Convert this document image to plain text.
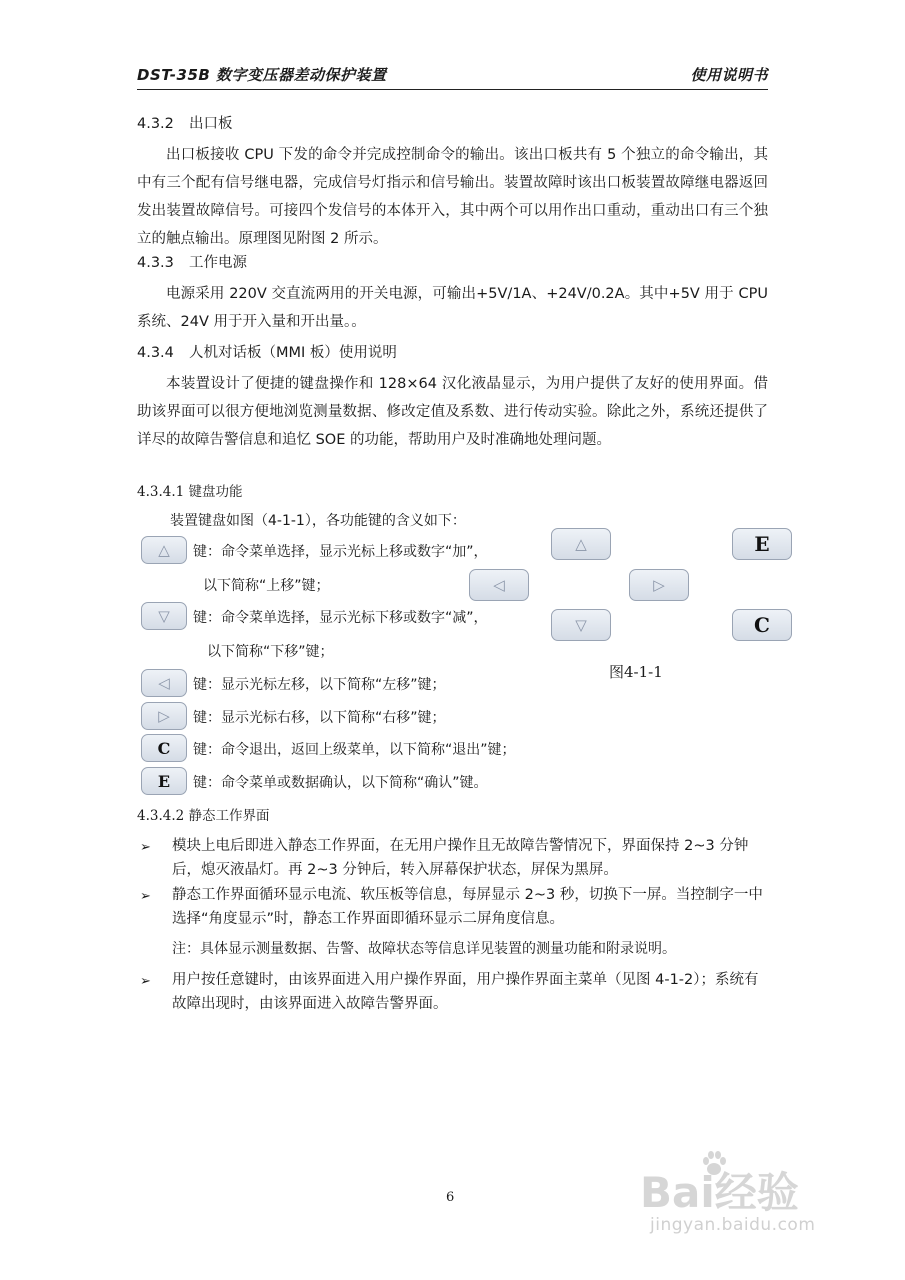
DST-35B 数字变压器差动保护装置	使用说明书
4.3.2 出口板
出口板接收 CPU 下发的命令并完成控制命令的输出。该出口板共有 5 个独立的命令输出，其中有三个配有信号继电器，完成信号灯指示和信号输出。装置故障时该出口板装置故障继电器返回发出装置故障信号。可接四个发信号的本体开入，其中两个可以用作出口重动，重动出口有三个独立的触点输出。原理图见附图 2 所示。
4.3.3 工作电源
电源采用 220V 交直流两用的开关电源，可输出+5V/1A、+24V/0.2A。其中+5V 用于 CPU 系统、24V 用于开入量和开出量。。
4.3.4 人机对话板（MMI 板）使用说明
本装置设计了便捷的键盘操作和 128×64 汉化液晶显示，为用户提供了友好的使用界面。借助该界面可以很方便地浏览测量数据、修改定值及系数、进行传动实验。除此之外，系统还提供了详尽的故障告警信息和追忆 SOE 的功能，帮助用户及时准确地处理问题。
4.3.4.1 键盘功能
装置键盘如图（4-1-1），各功能键的含义如下：
△ 键：命令菜单选择，显示光标上移或数字“加”，
以下简称“上移”键；
▽ 键：命令菜单选择，显示光标下移或数字“减”，
以下简称“下移”键；
◁ 键：显示光标左移，以下简称“左移”键；
▷ 键：显示光标右移，以下简称“右移”键；
C 键：命令退出，返回上级菜单，以下简称“退出”键；
E 键：命令菜单或数据确认，以下简称“确认”键。
△	E
◁	▷
▽	C
图4-1-1
4.3.4.2 静态工作界面
➢ 模块上电后即进入静态工作界面，在无用户操作且无故障告警情况下，界面保持 2~3 分钟后，熄灭液晶灯。再 2~3 分钟后，转入屏幕保护状态，屏保为黑屏。
➢ 静态工作界面循环显示电流、软压板等信息，每屏显示 2~3 秒，切换下一屏。当控制字一中选择“角度显示”时，静态工作界面即循环显示二屏角度信息。
注：具体显示测量数据、告警、故障状态等信息详见装置的测量功能和附录说明。
➢ 用户按任意键时，由该界面进入用户操作界面，用户操作界面主菜单（见图 4-1-2）；系统有故障出现时，由该界面进入故障告警界面。
6	Bai经验
jingyan.baidu.com
